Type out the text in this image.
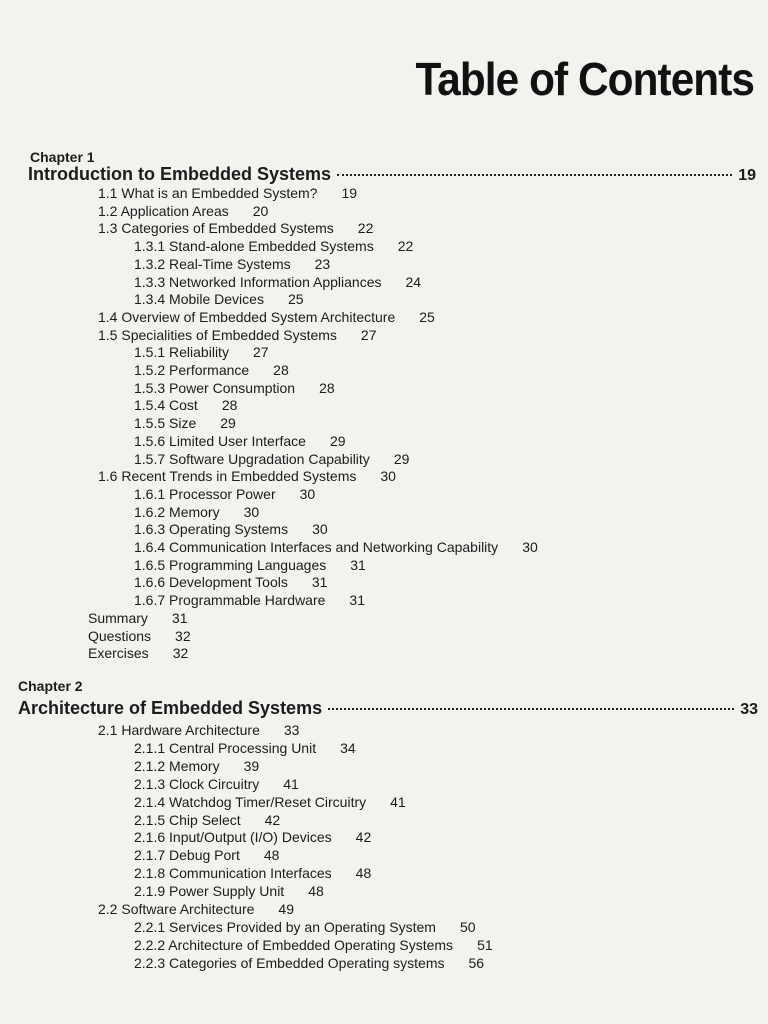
Table of Contents
Chapter 1
Introduction to Embedded Systems	19
1.1 What is an Embedded System? 19
1.2 Application Areas 20
1.3 Categories of Embedded Systems 22
1.3.1 Stand-alone Embedded Systems 22
1.3.2 Real-Time Systems 23
1.3.3 Networked Information Appliances 24
1.3.4 Mobile Devices 25
1.4 Overview of Embedded System Architecture 25
1.5 Specialities of Embedded Systems 27
1.5.1 Reliability 27
1.5.2 Performance 28
1.5.3 Power Consumption 28
1.5.4 Cost 28
1.5.5 Size 29
1.5.6 Limited User Interface 29
1.5.7 Software Upgradation Capability 29
1.6 Recent Trends in Embedded Systems 30
1.6.1 Processor Power 30
1.6.2 Memory 30
1.6.3 Operating Systems 30
1.6.4 Communication Interfaces and Networking Capability 30
1.6.5 Programming Languages 31
1.6.6 Development Tools 31
1.6.7 Programmable Hardware 31
Summary 31
Questions 32
Exercises 32
Chapter 2
Architecture of Embedded Systems	33
2.1 Hardware Architecture 33
2.1.1 Central Processing Unit 34
2.1.2 Memory 39
2.1.3 Clock Circuitry 41
2.1.4 Watchdog Timer/Reset Circuitry 41
2.1.5 Chip Select 42
2.1.6 Input/Output (I/O) Devices 42
2.1.7 Debug Port 48
2.1.8 Communication Interfaces 48
2.1.9 Power Supply Unit 48
2.2 Software Architecture 49
2.2.1 Services Provided by an Operating System 50
2.2.2 Architecture of Embedded Operating Systems 51
2.2.3 Categories of Embedded Operating systems 56
